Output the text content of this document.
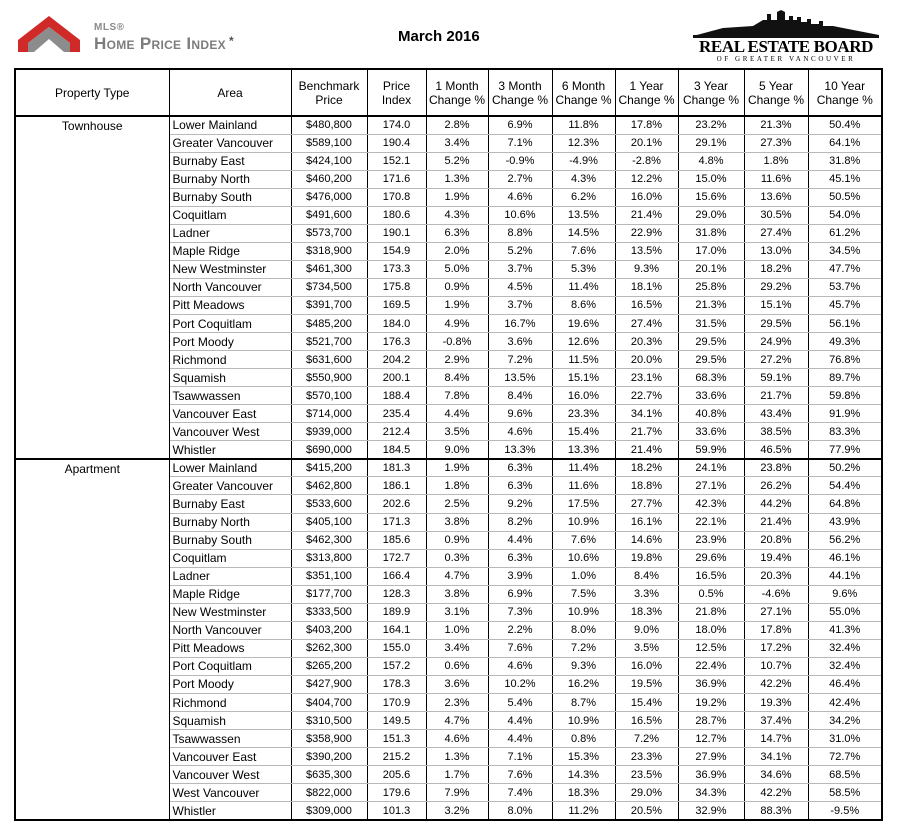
MLS®
Home Price Index *	March 2016
REAL ESTATE BOARD
OF GREATER VANCOUVER
Property Type	Area	Benchmark Price	Price Index	1 Month Change %	3 Month Change %	6 Month Change %	1 Year Change %	3 Year Change %	5 Year Change %	10 Year Change %
Townhouse	Lower Mainland	$480,800	174.0	2.8%	6.9%	11.8%	17.8%	23.2%	21.3%	50.4%
	Greater Vancouver	$589,100	190.4	3.4%	7.1%	12.3%	20.1%	29.1%	27.3%	64.1%
	Burnaby East	$424,100	152.1	5.2%	-0.9%	-4.9%	-2.8%	4.8%	1.8%	31.8%
	Burnaby North	$460,200	171.6	1.3%	2.7%	4.3%	12.2%	15.0%	11.6%	45.1%
	Burnaby South	$476,000	170.8	1.9%	4.6%	6.2%	16.0%	15.6%	13.6%	50.5%
	Coquitlam	$491,600	180.6	4.3%	10.6%	13.5%	21.4%	29.0%	30.5%	54.0%
	Ladner	$573,700	190.1	6.3%	8.8%	14.5%	22.9%	31.8%	27.4%	61.2%
	Maple Ridge	$318,900	154.9	2.0%	5.2%	7.6%	13.5%	17.0%	13.0%	34.5%
	New Westminster	$461,300	173.3	5.0%	3.7%	5.3%	9.3%	20.1%	18.2%	47.7%
	North Vancouver	$734,500	175.8	0.9%	4.5%	11.4%	18.1%	25.8%	29.2%	53.7%
	Pitt Meadows	$391,700	169.5	1.9%	3.7%	8.6%	16.5%	21.3%	15.1%	45.7%
	Port Coquitlam	$485,200	184.0	4.9%	16.7%	19.6%	27.4%	31.5%	29.5%	56.1%
	Port Moody	$521,700	176.3	-0.8%	3.6%	12.6%	20.3%	29.5%	24.9%	49.3%
	Richmond	$631,600	204.2	2.9%	7.2%	11.5%	20.0%	29.5%	27.2%	76.8%
	Squamish	$550,900	200.1	8.4%	13.5%	15.1%	23.1%	68.3%	59.1%	89.7%
	Tsawwassen	$570,100	188.4	7.8%	8.4%	16.0%	22.7%	33.6%	21.7%	59.8%
	Vancouver East	$714,000	235.4	4.4%	9.6%	23.3%	34.1%	40.8%	43.4%	91.9%
	Vancouver West	$939,000	212.4	3.5%	4.6%	15.4%	21.7%	33.6%	38.5%	83.3%
	Whistler	$690,000	184.5	9.0%	13.3%	13.3%	21.4%	59.9%	46.5%	77.9%
Apartment	Lower Mainland	$415,200	181.3	1.9%	6.3%	11.4%	18.2%	24.1%	23.8%	50.2%
	Greater Vancouver	$462,800	186.1	1.8%	6.3%	11.6%	18.8%	27.1%	26.2%	54.4%
	Burnaby East	$533,600	202.6	2.5%	9.2%	17.5%	27.7%	42.3%	44.2%	64.8%
	Burnaby North	$405,100	171.3	3.8%	8.2%	10.9%	16.1%	22.1%	21.4%	43.9%
	Burnaby South	$462,300	185.6	0.9%	4.4%	7.6%	14.6%	23.9%	20.8%	56.2%
	Coquitlam	$313,800	172.7	0.3%	6.3%	10.6%	19.8%	29.6%	19.4%	46.1%
	Ladner	$351,100	166.4	4.7%	3.9%	1.0%	8.4%	16.5%	20.3%	44.1%
	Maple Ridge	$177,700	128.3	3.8%	6.9%	7.5%	3.3%	0.5%	-4.6%	9.6%
	New Westminster	$333,500	189.9	3.1%	7.3%	10.9%	18.3%	21.8%	27.1%	55.0%
	North Vancouver	$403,200	164.1	1.0%	2.2%	8.0%	9.0%	18.0%	17.8%	41.3%
	Pitt Meadows	$262,300	155.0	3.4%	7.6%	7.2%	3.5%	12.5%	17.2%	32.4%
	Port Coquitlam	$265,200	157.2	0.6%	4.6%	9.3%	16.0%	22.4%	10.7%	32.4%
	Port Moody	$427,900	178.3	3.6%	10.2%	16.2%	19.5%	36.9%	42.2%	46.4%
	Richmond	$404,700	170.9	2.3%	5.4%	8.7%	15.4%	19.2%	19.3%	42.4%
	Squamish	$310,500	149.5	4.7%	4.4%	10.9%	16.5%	28.7%	37.4%	34.2%
	Tsawwassen	$358,900	151.3	4.6%	4.4%	0.8%	7.2%	12.7%	14.7%	31.0%
	Vancouver East	$390,200	215.2	1.3%	7.1%	15.3%	23.3%	27.9%	34.1%	72.7%
	Vancouver West	$635,300	205.6	1.7%	7.6%	14.3%	23.5%	36.9%	34.6%	68.5%
	West Vancouver	$822,000	179.6	7.9%	7.4%	18.3%	29.0%	34.3%	42.2%	58.5%
	Whistler	$309,000	101.3	3.2%	8.0%	11.2%	20.5%	32.9%	88.3%	-9.5%
